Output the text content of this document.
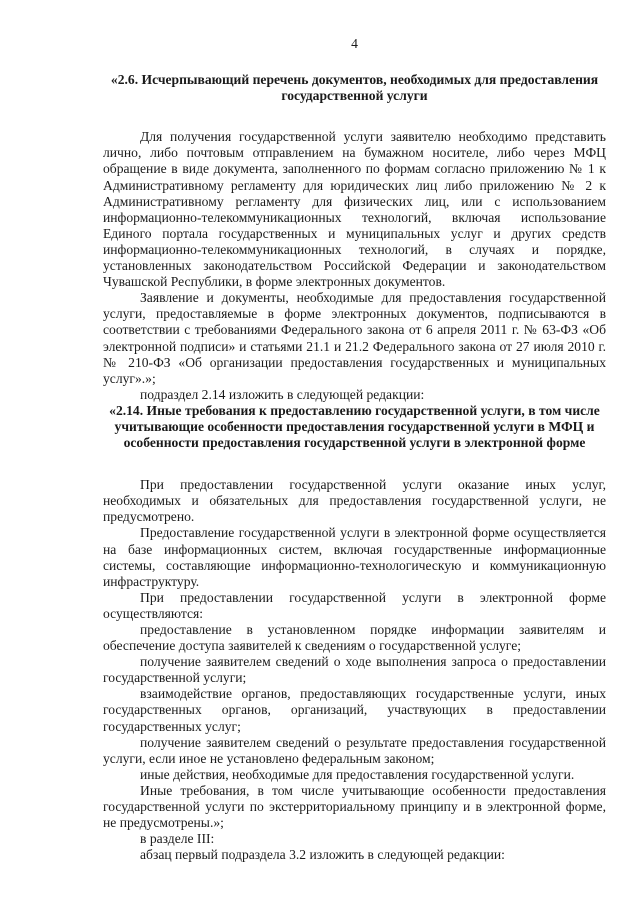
4
«2.6. Исчерпывающий перечень документов, необходимых для предоставления государственной услуги
Для получения государственной услуги заявителю необходимо представить лично, либо почтовым отправлением на бумажном носителе, либо через МФЦ обращение в виде документа, заполненного по формам согласно приложению № 1 к Административному регламенту для юридических лиц либо приложению № 2 к Административному регламенту для физических лиц, или с использованием информационно-телекоммуникационных технологий, включая использование Единого портала государственных и муниципальных услуг и других средств информационно-телекоммуникационных технологий, в случаях и порядке, установленных законодательством Российской Федерации и законодательством Чувашской Республики, в форме электронных документов.
Заявление и документы, необходимые для предоставления государственной услуги, предоставляемые в форме электронных документов, подписываются в соответствии с требованиями Федерального закона от 6 апреля 2011 г. № 63-ФЗ «Об электронной подписи» и статьями 21.1 и 21.2 Федерального закона от 27 июля 2010 г. № 210-ФЗ «Об организации предоставления государственных и муниципальных услуг».»;
подраздел 2.14 изложить в следующей редакции:
«2.14. Иные требования к предоставлению государственной услуги, в том числе учитывающие особенности предоставления государственной услуги в МФЦ и особенности предоставления государственной услуги в электронной форме
При предоставлении государственной услуги оказание иных услуг, необходимых и обязательных для предоставления государственной услуги, не предусмотрено.
Предоставление государственной услуги в электронной форме осуществляется на базе информационных систем, включая государственные информационные системы, составляющие информационно-технологическую и коммуникационную инфраструктуру.
При предоставлении государственной услуги в электронной форме осуществляются:
предоставление в установленном порядке информации заявителям и обеспечение доступа заявителей к сведениям о государственной услуге;
получение заявителем сведений о ходе выполнения запроса о предоставлении государственной услуги;
взаимодействие органов, предоставляющих государственные услуги, иных государственных органов, организаций, участвующих в предоставлении государственных услуг;
получение заявителем сведений о результате предоставления государственной услуги, если иное не установлено федеральным законом;
иные действия, необходимые для предоставления государственной услуги.
Иные требования, в том числе учитывающие особенности предоставления государственной услуги по экстерриториальному принципу и в электронной форме, не предусмотрены.»;
в разделе III:
абзац первый подраздела 3.2 изложить в следующей редакции:
